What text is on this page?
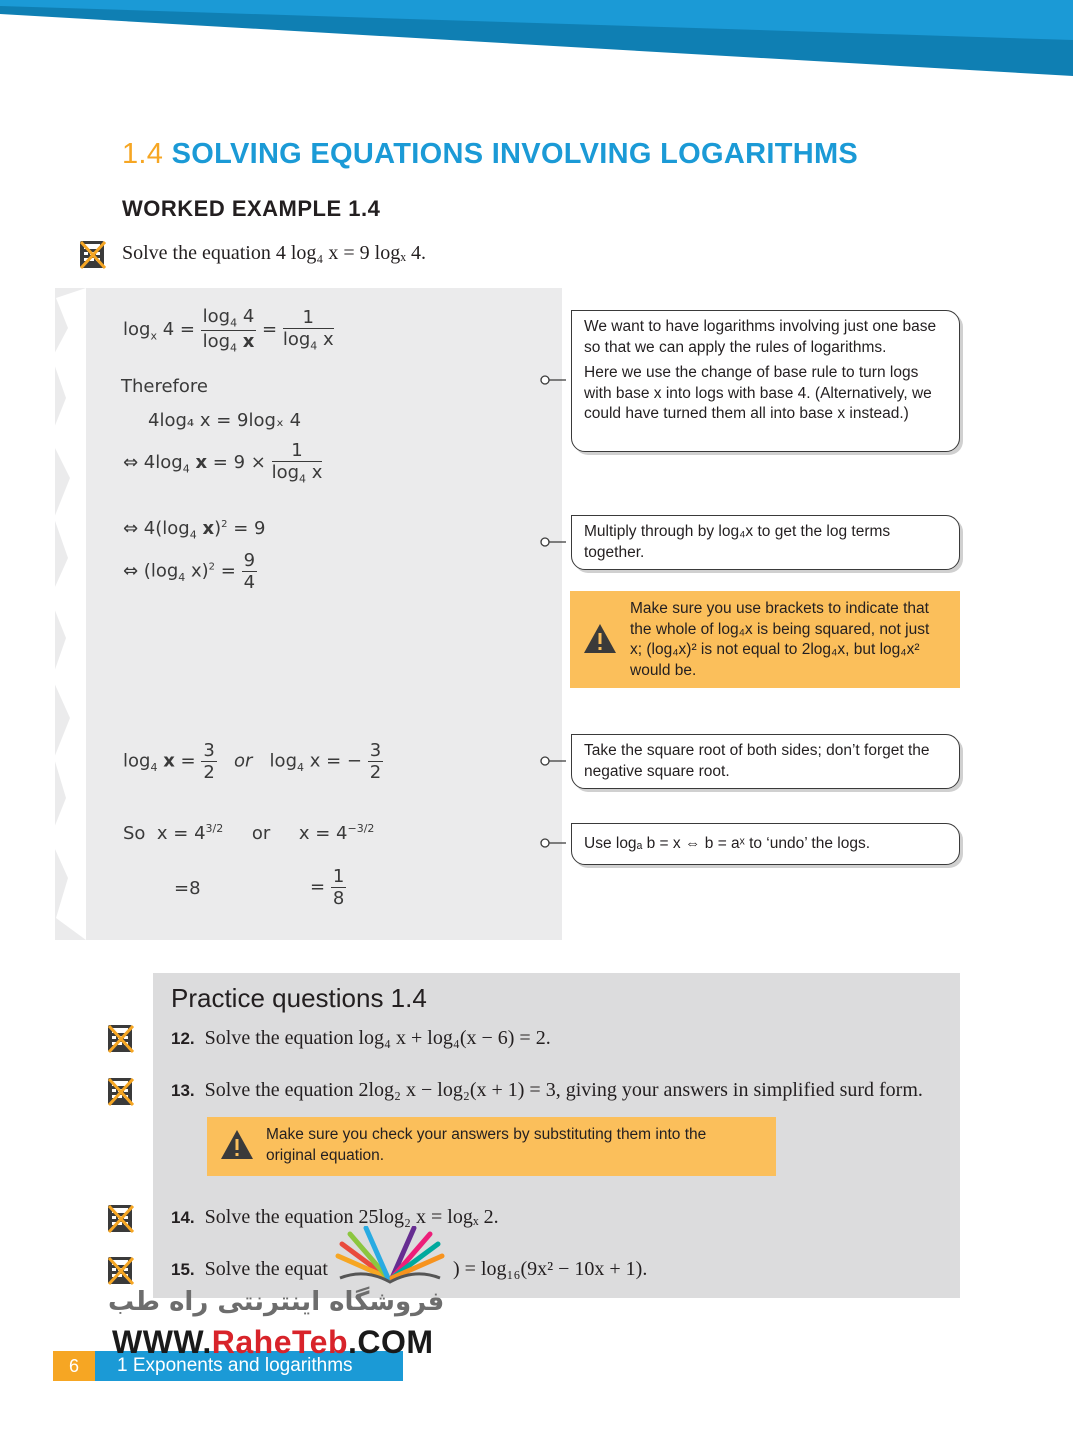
1.4 SOLVING EQUATIONS INVOLVING LOGARITHMS
WORKED EXAMPLE 1.4
Solve the equation 4 log₄ x = 9 logₓ 4.
$\log_x 4 = \frac{\log_4 4}{\log_4 x} = \frac{1}{\log_4 x}$
Therefore
4log₄ x = 9logₓ 4
⇔ $4\log_4$ $x = 9 \times \frac{1}{\log_4 x}$
⇔ $4(\log_4$ x)$^2$ = 9
⇔ ($\log_4$ $x)^2 = \frac{9}{4}$
$\log_4 x = \frac{3}{2}$ or   $\log_4 x$ = − $\frac{3}{2}$
So  $x = 4^{3/2}$ or     $x = 4^{-3/2}$
=8	= $\frac{1}{8}$
We want to have logarithms involving just one base so that we can apply the rules of logarithms.
Here we use the change of base rule to turn logs with base x into logs with base 4. (Alternatively, we could have turned them all into base x instead.)
Multiply through by log₄x to get the log terms together.
Make sure you use brackets to indicate that the whole of log₄x is being squared, not just x; (log₄x)² is not equal to 2log₄x, but log₄x² would be.
Take the square root of both sides; don’t forget the negative square root.
Use logₐ b = x ⇔ b = aˣ to ‘undo’ the logs.
Practice questions 1.4
12. Solve the equation log₄ x + log₄(x − 6) = 2.
13. Solve the equation 2log₂ x − log₂(x + 1) = 3, giving your answers in simplified surd form.
Make sure you check your answers by substituting them into the original equation.
14. Solve the equation 25log₂ x = logₓ 2.
15. Solve the equat	) = log₁₆(9x² − 10x + 1).
فروشگاه اینترنتی راه طب
6	1 Exponents and logarithms
WWW.RaheTeb.COM
